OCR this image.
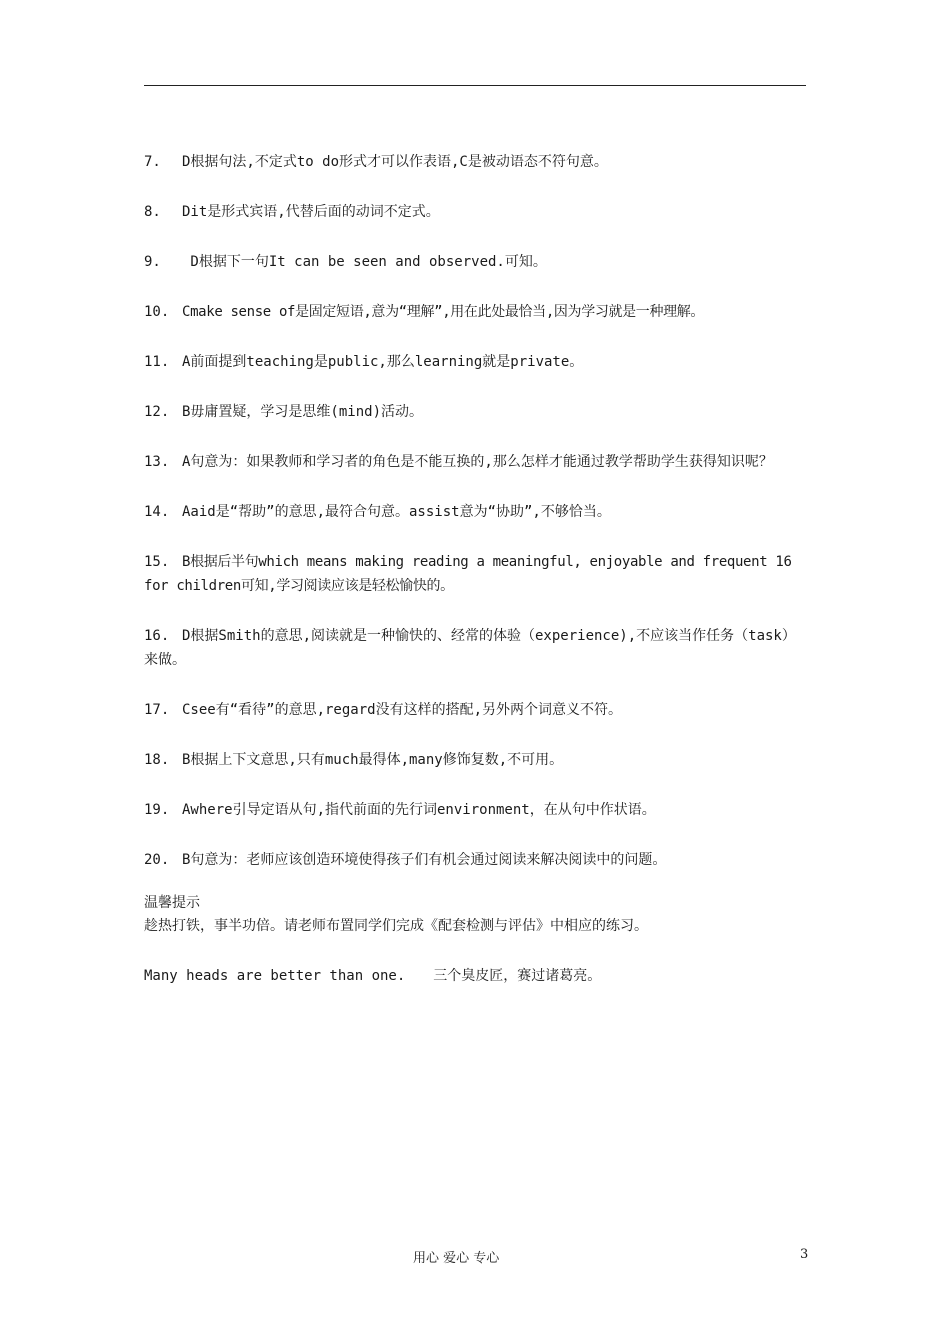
7. D根据句法,不定式to do形式才可以作表语,C是被动语态不符句意。
8. Dit是形式宾语,代替后面的动词不定式。
9. D根据下一句It can be seen and observed.可知。
10. Cmake sense of是固定短语,意为“理解”,用在此处最恰当,因为学习就是一种理解。
11. A前面提到teaching是public,那么learning就是private。
12. B毋庸置疑，学习是思维(mind)活动。
13. A句意为：如果教师和学习者的角色是不能互换的,那么怎样才能通过教学帮助学生获得知识呢？
14. Aaid是“帮助”的意思,最符合句意。assist意为“协助”,不够恰当。
15. B根据后半句which means making reading a meaningful, enjoyable and frequent 16 for children可知,学习阅读应该是轻松愉快的。
16. D根据Smith的意思,阅读就是一种愉快的、经常的体验（experience),不应该当作任务（task）来做。
17. Csee有“看待”的意思,regard没有这样的搭配,另外两个词意义不符。
18. B根据上下文意思,只有much最得体,many修饰复数,不可用。
19. Awhere引导定语从句,指代前面的先行词environment，在从句中作状语。
20. B句意为：老师应该创造环境使得孩子们有机会通过阅读来解决阅读中的问题。
温馨提示
趁热打铁，事半功倍。请老师布置同学们完成《配套检测与评估》中相应的练习。
Many heads are better than one. 三个臭皮匠，赛过诸葛亮。
用心 爱心 专心	3
